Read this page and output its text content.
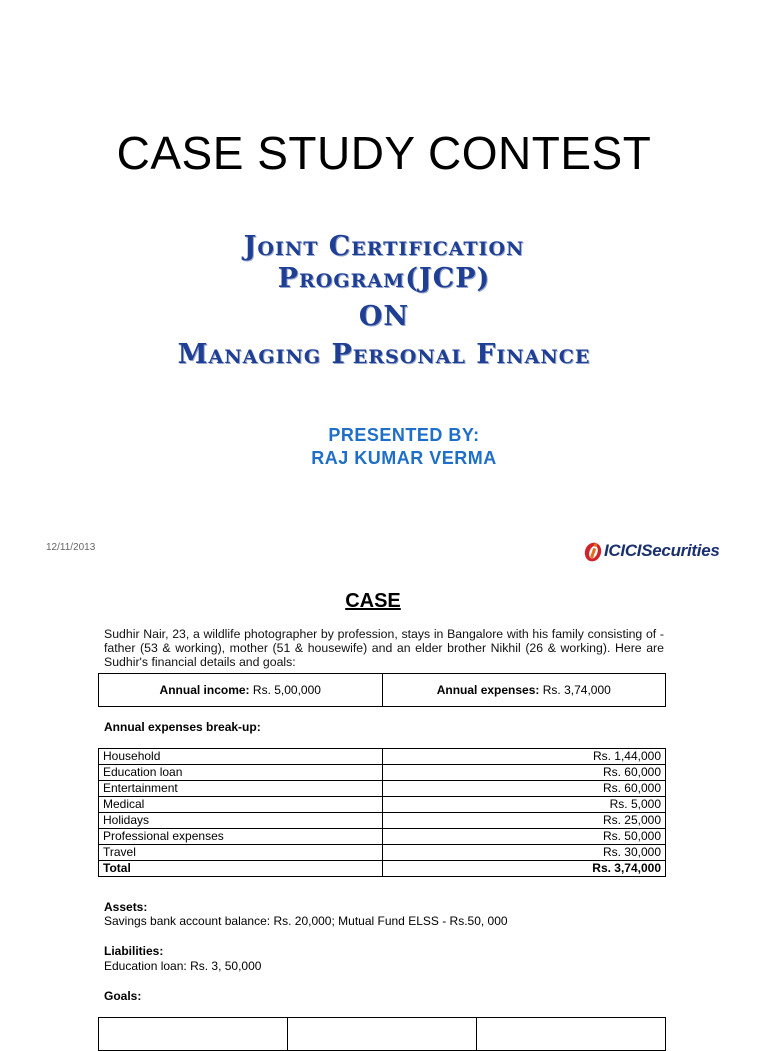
CASE STUDY CONTEST
Joint Certification
Program(JCP)
ON
Managing Personal Finance
PRESENTED BY:
RAJ KUMAR VERMA
12/11/2013	ICICISecurities
CASE
Sudhir Nair, 23, a wildlife photographer by profession, stays in Bangalore with his family consisting of - father (53 & working), mother (51 & housewife) and an elder brother Nikhil (26 & working). Here are Sudhir's financial details and goals:
Annual income: Rs. 5,00,000	Annual expenses: Rs. 3,74,000
Annual expenses break-up:
Household	Rs. 1,44,000
Education loan	Rs. 60,000
Entertainment	Rs. 60,000
Medical	Rs. 5,000
Holidays	Rs. 25,000
Professional expenses	Rs. 50,000
Travel	Rs. 30,000
Total	Rs. 3,74,000
Assets:
Savings bank account balance: Rs. 20,000; Mutual Fund ELSS - Rs.50, 000
Liabilities:
Education loan: Rs. 3, 50,000
Goals:
